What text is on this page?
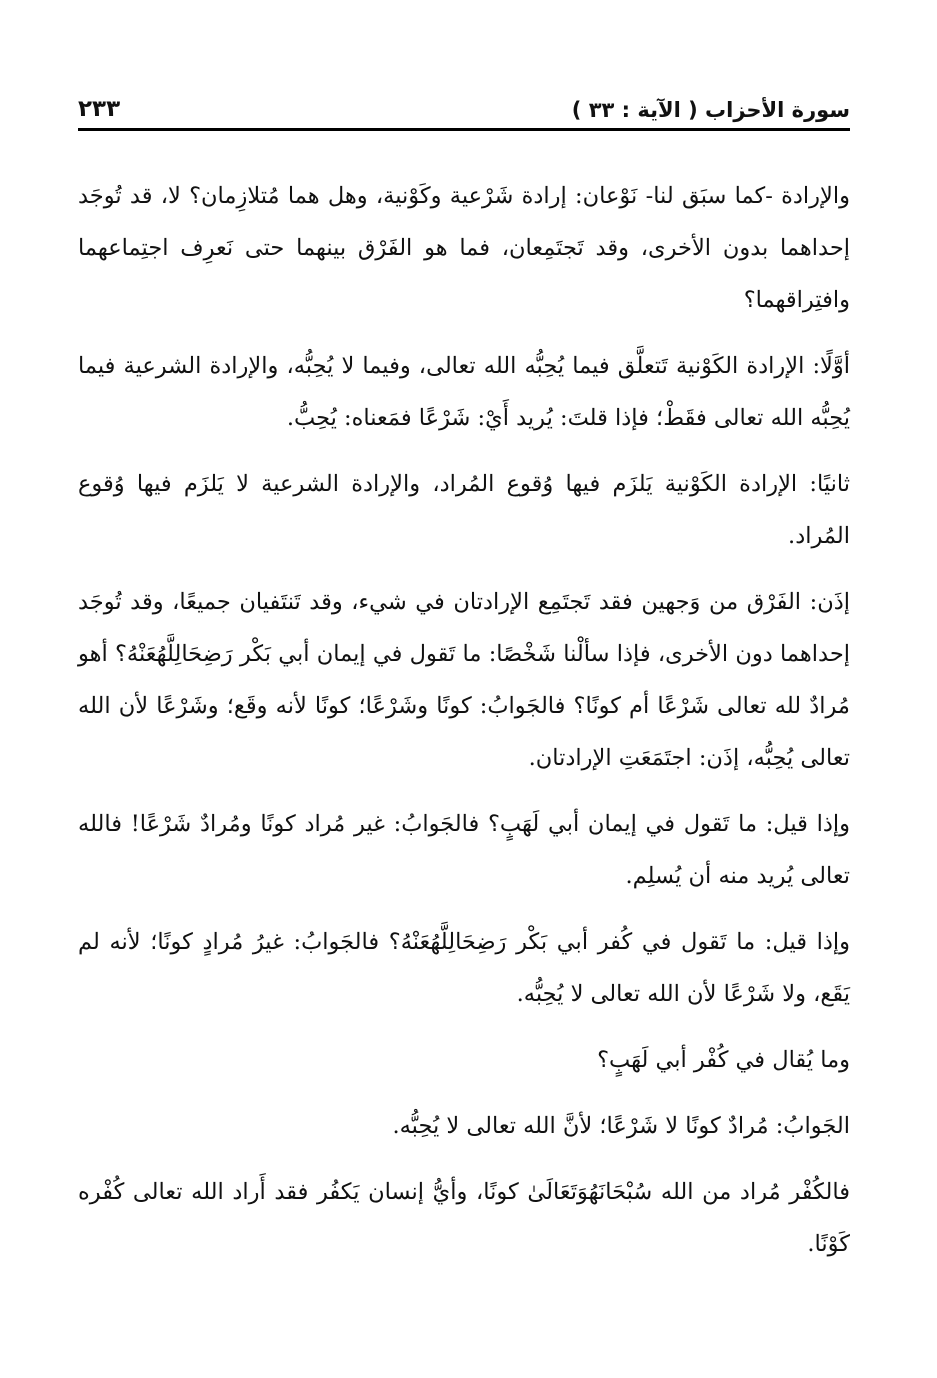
سورة الأحزاب ( الآية : ٣٣ )
٢٣٣

والإرادة -كما سبَق لنا- نَوْعان: إرادة شَرْعية وكَوْنية، وهل هما مُتلازِمان؟ لا، قد تُوجَد إحداهما بدون الأخرى، وقد تَجتَمِعان، فما هو الفَرْق بينهما حتى نَعرِف اجتِماعهما وافتِراقهما؟

أوَّلًا: الإرادة الكَوْنية تَتعلَّق فيما يُحِبُّه الله تعالى، وفيما لا يُحِبُّه، والإرادة الشرعية فيما يُحِبُّه الله تعالى فقَطْ؛ فإذا قلتَ: يُريد أَيْ: شَرْعًا فمَعناه: يُحِبُّ.

ثانيًا: الإرادة الكَوْنية يَلزَم فيها وُقوع المُراد، والإرادة الشرعية لا يَلزَم فيها وُقوع المُراد.

إذَن: الفَرْق من وَجهين فقد تَجتَمِع الإرادتان في شيء، وقد تَنتَفيان جميعًا، وقد تُوجَد إحداهما دون الأخرى، فإذا سألْنا شَخْصًا: ما تَقول في إيمان أبي بَكْر رَضِحَالِلَّهُعَنْهُ؟ أهو مُرادٌ لله تعالى شَرْعًا أم كونًا؟ فالجَوابُ: كونًا وشَرْعًا؛ كونًا لأنه وقَع؛ وشَرْعًا لأن الله تعالى يُحِبُّه، إذَن: اجتَمَعَتِ الإرادتان.

وإذا قيل: ما تَقول في إيمان أبي لَهَبٍ؟ فالجَوابُ: غير مُراد كونًا ومُرادٌ شَرْعًا! فالله تعالى يُريد منه أن يُسلِم.

وإذا قيل: ما تَقول في كُفر أبي بَكْر رَضِحَالِلَّهُعَنْهُ؟ فالجَوابُ: غيرُ مُرادٍ كونًا؛ لأنه لم يَقَع، ولا شَرْعًا لأن الله تعالى لا يُحِبُّه.

وما يُقال في كُفْر أبي لَهَبٍ؟

الجَوابُ: مُرادٌ كونًا لا شَرْعًا؛ لأنَّ الله تعالى لا يُحِبُّه.

فالكُفْر مُراد من الله سُبْحَانَهُوَتَعَالَىٰ كونًا، وأيُّ إنسان يَكفُر فقد أَراد الله تعالى كُفْره كَوْنًا.
